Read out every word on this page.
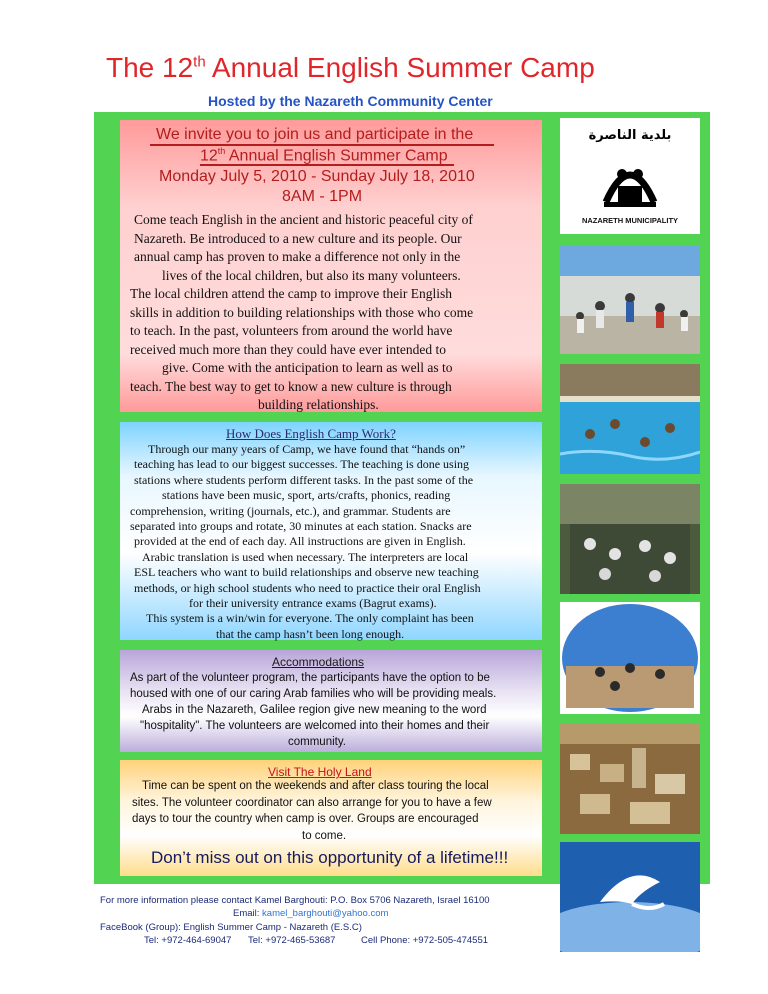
The 12th Annual English Summer Camp
Hosted by the Nazareth Community Center
We invite you to join us and participate in the
12th Annual English Summer Camp
Monday July 5, 2010 - Sunday July 18, 2010
8AM - 1PM
Come teach English in the ancient and historic peaceful city of
Nazareth. Be introduced to a new culture and its people. Our
annual camp has proven to make a difference not only in the
lives of the local children, but also its many volunteers.
The local children attend the camp to improve their English
skills in addition to building relationships with those who come
to teach. In the past, volunteers from around the world have
received much more than they could have ever intended to
give. Come with the anticipation to learn as well as to
teach. The best way to get to know a new culture is through
building relationships.
How Does English Camp Work?
Through our many years of Camp, we have found that “hands on”
teaching has lead to our biggest successes. The teaching is done using
stations where students perform different tasks. In the past some of the
stations have been music, sport, arts/crafts, phonics, reading
comprehension, writing (journals, etc.), and grammar. Students are
separated into groups and rotate, 30 minutes at each station. Snacks are
provided at the end of each day. All instructions are given in English.
Arabic translation is used when necessary. The interpreters are local
ESL teachers who want to build relationships and observe new teaching
methods, or high school students who need to practice their oral English
for their university entrance exams (Bagrut exams).
This system is a win/win for everyone. The only complaint has been
that the camp hasn’t been long enough.
Accommodations
As part of the volunteer program, the participants have the option to be
housed with one of our caring Arab families who will be providing meals.
Arabs in the Nazareth, Galilee region give new meaning to the word
"hospitality". The volunteers are welcomed into their homes and their
community.
Visit The Holy Land
Time can be spent on the weekends and after class touring the local
sites. The volunteer coordinator can also arrange for you to have a few
days to tour the country when camp is over. Groups are encouraged
to come.
Don’t miss out on this opportunity of a lifetime!!!
بلدية الناصرة
NAZARETH MUNICIPALITY
For more information please contact Kamel Barghouti: P.O. Box 5706 Nazareth, Israel 16100
Email: kamel_barghouti@yahoo.com
FaceBook (Group): English Summer Camp - Nazareth (E.S.C)
Tel: +972-464-69047 Tel: +972-465-53687	Cell Phone: +972-505-474551
